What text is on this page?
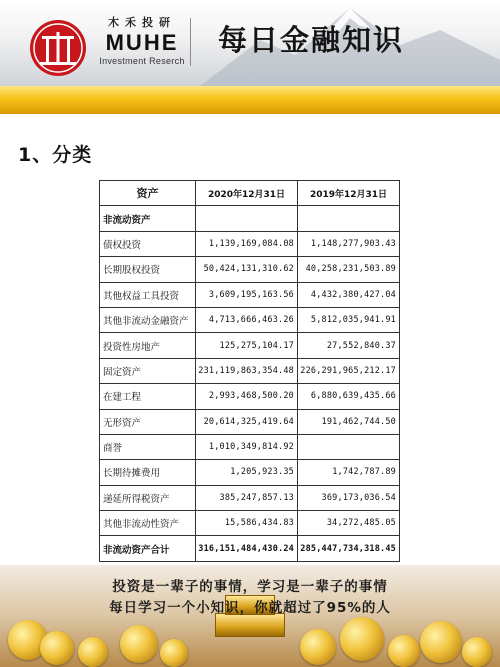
木禾投研
MUHE
Investment Reserch
每日金融知识
1、分类
资产	2020年12月31日	2019年12月31日
非流动资产		
债权投资	1,139,169,084.08	1,148,277,903.43
长期股权投资	50,424,131,310.62	40,258,231,503.89
其他权益工具投资	3,609,195,163.56	4,432,380,427.04
其他非流动金融资产	4,713,666,463.26	5,812,035,941.91
投资性房地产	125,275,104.17	27,552,840.37
固定资产	231,119,863,354.48	226,291,965,212.17
在建工程	2,993,468,500.20	6,880,639,435.66
无形资产	20,614,325,419.64	191,462,744.50
商誉	1,010,349,814.92	
长期待摊费用	1,205,923.35	1,742,787.89
递延所得税资产	385,247,857.13	369,173,036.54
其他非流动性资产	15,586,434.83	34,272,485.05
非流动资产合计	316,151,484,430.24	285,447,734,318.45
投资是一辈子的事情，学习是一辈子的事情
每日学习一个小知识，你就超过了95%的人
